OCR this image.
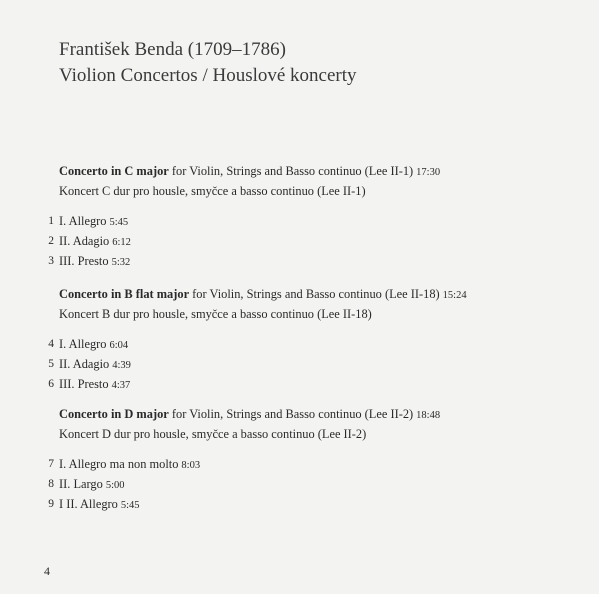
František Benda (1709–1786)
Violion Concertos / Houslové koncerty
Concerto in C major for Violin, Strings and Basso continuo (Lee II-1) 17:30
Koncert C dur pro housle, smyčce a basso continuo (Lee II-1)
1 I. Allegro 5:45
2 II. Adagio 6:12
3 III. Presto 5:32
Concerto in B flat major for Violin, Strings and Basso continuo (Lee II-18) 15:24
Koncert B dur pro housle, smyčce a basso continuo (Lee II-18)
4 I. Allegro 6:04
5 II. Adagio 4:39
6 III. Presto 4:37
Concerto in D major for Violin, Strings and Basso continuo (Lee II-2) 18:48
Koncert D dur pro housle, smyčce a basso continuo (Lee II-2)
7 I. Allegro ma non molto 8:03
8 II. Largo 5:00
9 I II. Allegro 5:45
4
